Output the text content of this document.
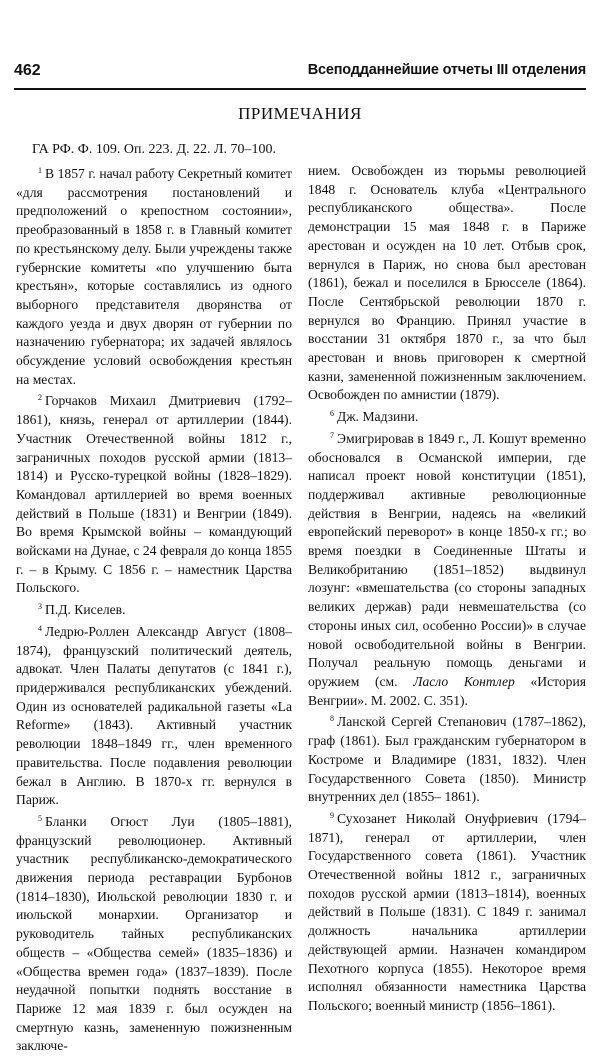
462	Всеподданнейшие отчеты III отделения
ПРИМЕЧАНИЯ
ГА РФ. Ф. 109. Оп. 223. Д. 22. Л. 70–100.

$^1$ В 1857 г. начал работу Секретный комитет «для рассмотрения постановлений и предположений о крепостном состоянии», преобразованный в 1858 г. в Главный комитет по крестьянскому делу. Были учреждены также губернские комитеты «по улучшению быта крестьян», которые составлялись из одного выборного представителя дворянства от каждого уезда и двух дворян от губернии по назначению губернатора; их задачей являлось обсуждение условий освобождения крестьян на местах.

$^2$ Горчаков Михаил Дмитриевич (1792–1861), князь, генерал от артиллерии (1844). Участник Отечественной войны 1812 г., заграничных походов русской армии (1813–1814) и Русско-турецкой войны (1828–1829). Командовал артиллерией во время военных действий в Польше (1831) и Венгрии (1849). Во время Крымской войны – командующий войсками на Дунае, с 24 февраля до конца 1855 г. – в Крыму. С 1856 г. – наместник Царства Польского.

$^3$ П.Д. Киселев.

$^4$ Ледрю-Роллен Александр Август (1808–1874), французский политический деятель, адвокат. Член Палаты депутатов (с 1841 г.), придерживался республиканских убеждений. Один из основателей радикальной газеты «La Reforme» (1843). Активный участник революции 1848–1849 гг., член временного правительства. После подавления революции бежал в Англию. В 1870-х гг. вернулся в Париж.

$^5$ Бланки Огюст Луи (1805–1881), французский революционер. Активный участник республиканско-демократического движения периода реставрации Бурбонов (1814–1830), Июльской революции 1830 г. и июльской монархии. Организатор и руководитель тайных республиканских обществ – «Общества семей» (1835–1836) и «Общества времен года» (1837–1839). После неудачной попытки поднять восстание в Париже 12 мая 1839 г. был осужден на смертную казнь, замененную пожизненным заключе-

нием. Освобожден из тюрьмы революцией 1848 г. Основатель клуба «Центрального республиканского общества». После демонстрации 15 мая 1848 г. в Париже арестован и осужден на 10 лет. Отбыв срок, вернулся в Париж, но снова был арестован (1861), бежал и поселился в Брюсселе (1864). После Сентябрьской революции 1870 г. вернулся во Францию. Принял участие в восстании 31 октября 1870 г., за что был арестован и вновь приговорен к смертной казни, замененной пожизненным заключением. Освобожден по амнистии (1879).

$^6$ Дж. Мадзини.

$^7$ Эмигрировав в 1849 г., Л. Кошут временно обосновался в Османской империи, где написал проект новой конституции (1851), поддерживал активные революционные действия в Венгрии, надеясь на «великий европейский переворот» в конце 1850-х гг.; во время поездки в Соединенные Штаты и Великобританию (1851–1852) выдвинул лозунг: «вмешательства (со стороны западных великих держав) ради невмешательства (со стороны иных сил, особенно России)» в случае новой освободительной войны в Венгрии. Получал реальную помощь деньгами и оружием (см. Ласло Контлер «История Венгрии». М. 2002. С. 351).

$^8$ Ланской Сергей Степанович (1787–1862), граф (1861). Был гражданским губернатором в Костроме и Владимире (1831, 1832). Член Государственного Совета (1850). Министр внутренних дел (1855– 1861).

$^9$ Сухозанет Николай Онуфриевич (1794–1871), генерал от артиллерии, член Государственного совета (1861). Участник Отечественной войны 1812 г., заграничных походов русской армии (1813–1814), военных действий в Польше (1831). С 1849 г. занимал должность начальника артиллерии действующей армии. Назначен командиром Пехотного корпуса (1855). Некоторое время исполнял обязанности наместника Царства Польского; военный министр (1856–1861).
